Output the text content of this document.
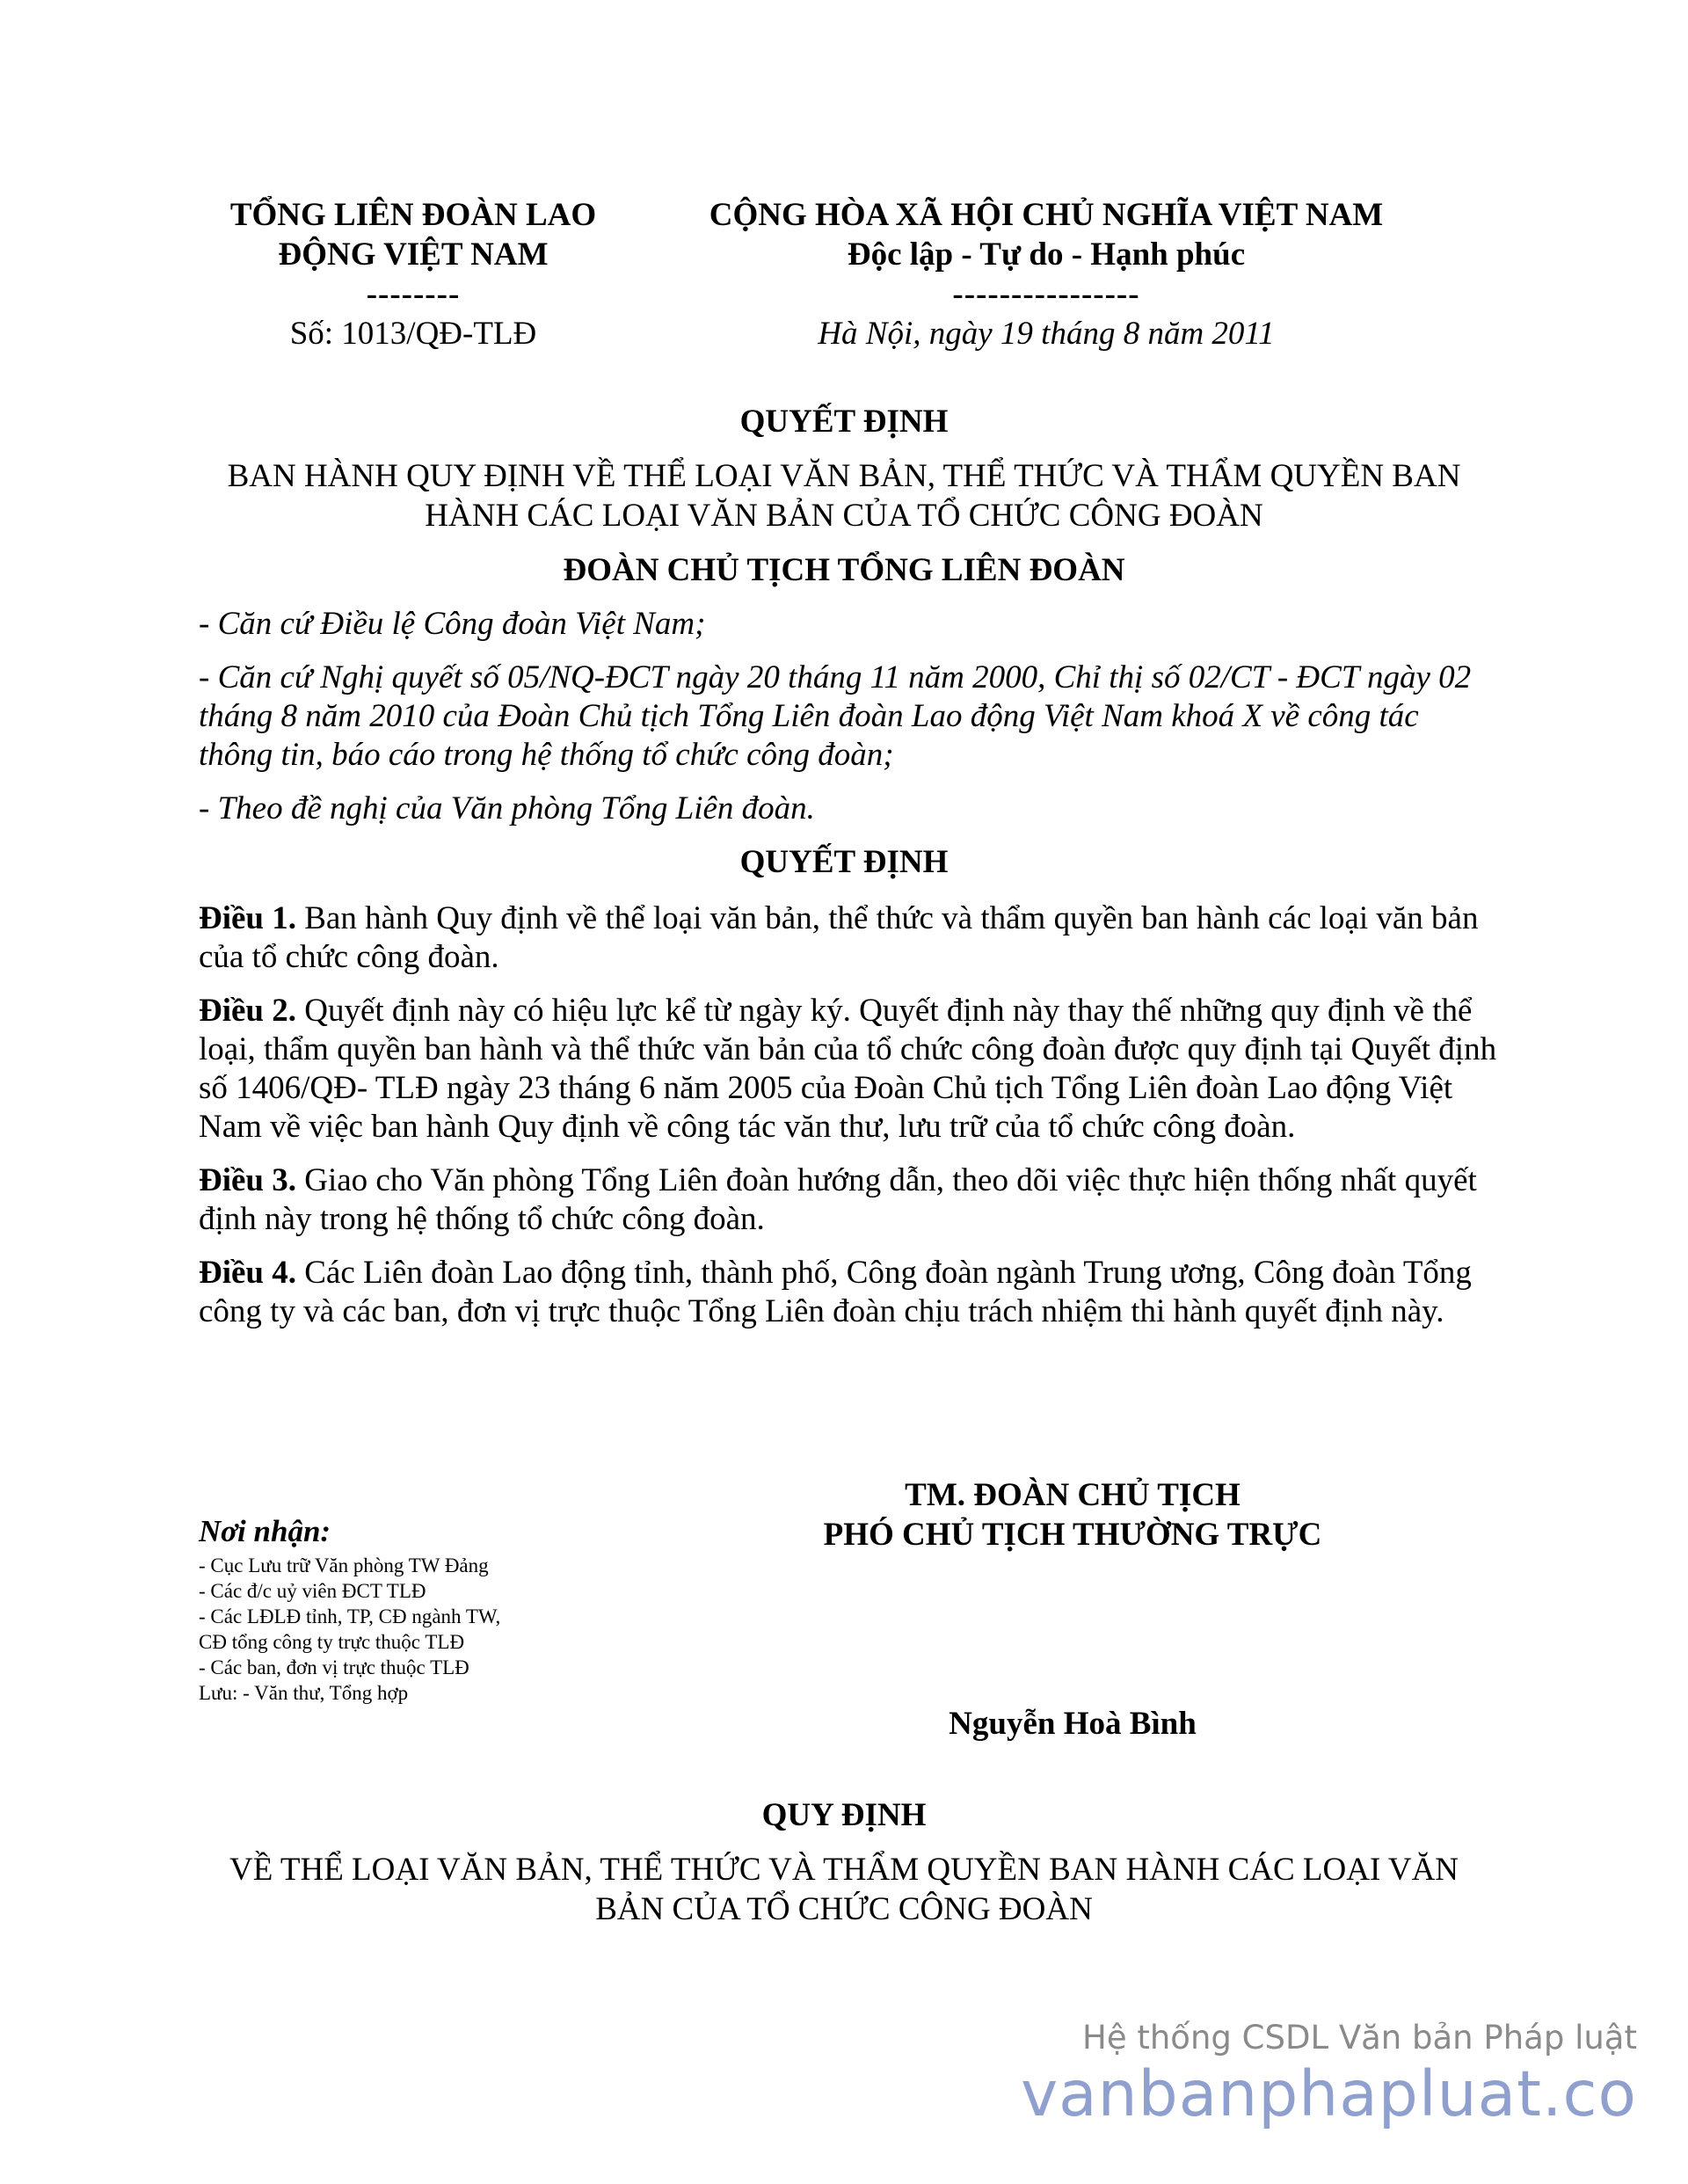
TỔNG LIÊN ĐOÀN LAO
ĐỘNG VIỆT NAM
--------
Số: 1013/QĐ-TLĐ
CỘNG HÒA XÃ HỘI CHỦ NGHĨA VIỆT NAM
Độc lập - Tự do - Hạnh phúc
----------------
Hà Nội, ngày 19 tháng 8 năm 2011
QUYẾT ĐỊNH
BAN HÀNH QUY ĐỊNH VỀ THỂ LOẠI VĂN BẢN, THỂ THỨC VÀ THẨM QUYỀN BAN
HÀNH CÁC LOẠI VĂN BẢN CỦA TỔ CHỨC CÔNG ĐOÀN
ĐOÀN CHỦ TỊCH TỔNG LIÊN ĐOÀN

- Căn cứ Điều lệ Công đoàn Việt Nam;

- Căn cứ Nghị quyết số 05/NQ-ĐCT ngày 20 tháng 11 năm 2000, Chỉ thị số 02/CT - ĐCT ngày 02 tháng 8 năm 2010 của Đoàn Chủ tịch Tổng Liên đoàn Lao động Việt Nam khoá X về công tác thông tin, báo cáo trong hệ thống tổ chức công đoàn;

- Theo đề nghị của Văn phòng Tổng Liên đoàn.

QUYẾT ĐỊNH

Điều 1. Ban hành Quy định về thể loại văn bản, thể thức và thẩm quyền ban hành các loại văn bản của tổ chức công đoàn.

Điều 2. Quyết định này có hiệu lực kể từ ngày ký. Quyết định này thay thế những quy định về thể loại, thẩm quyền ban hành và thể thức văn bản của tổ chức công đoàn được quy định tại Quyết định số 1406/QĐ- TLĐ ngày 23 tháng 6 năm 2005 của Đoàn Chủ tịch Tổng Liên đoàn Lao động Việt Nam về việc ban hành Quy định về công tác văn thư, lưu trữ của tổ chức công đoàn.

Điều 3. Giao cho Văn phòng Tổng Liên đoàn hướng dẫn, theo dõi việc thực hiện thống nhất quyết định này trong hệ thống tổ chức công đoàn.

Điều 4. Các Liên đoàn Lao động tỉnh, thành phố, Công đoàn ngành Trung ương, Công đoàn Tổng công ty và các ban, đơn vị trực thuộc Tổng Liên đoàn chịu trách nhiệm thi hành quyết định này.

TM. ĐOÀN CHỦ TỊCH
PHÓ CHỦ TỊCH THƯỜNG TRỰC
Nguyễn Hoà Bình
Nơi nhận:
- Cục Lưu trữ Văn phòng TW Đảng
- Các đ/c uỷ viên ĐCT TLĐ
- Các LĐLĐ tỉnh, TP, CĐ ngành TW,
CĐ tổng công ty trực thuộc TLĐ
- Các ban, đơn vị trực thuộc TLĐ
Lưu: - Văn thư, Tổng hợp
QUY ĐỊNH
VỀ THỂ LOẠI VĂN BẢN, THỂ THỨC VÀ THẨM QUYỀN BAN HÀNH CÁC LOẠI VĂN
BẢN CỦA TỔ CHỨC CÔNG ĐOÀN
Hệ thống CSDL Văn bản Pháp luật
vanbanphapluat.co
